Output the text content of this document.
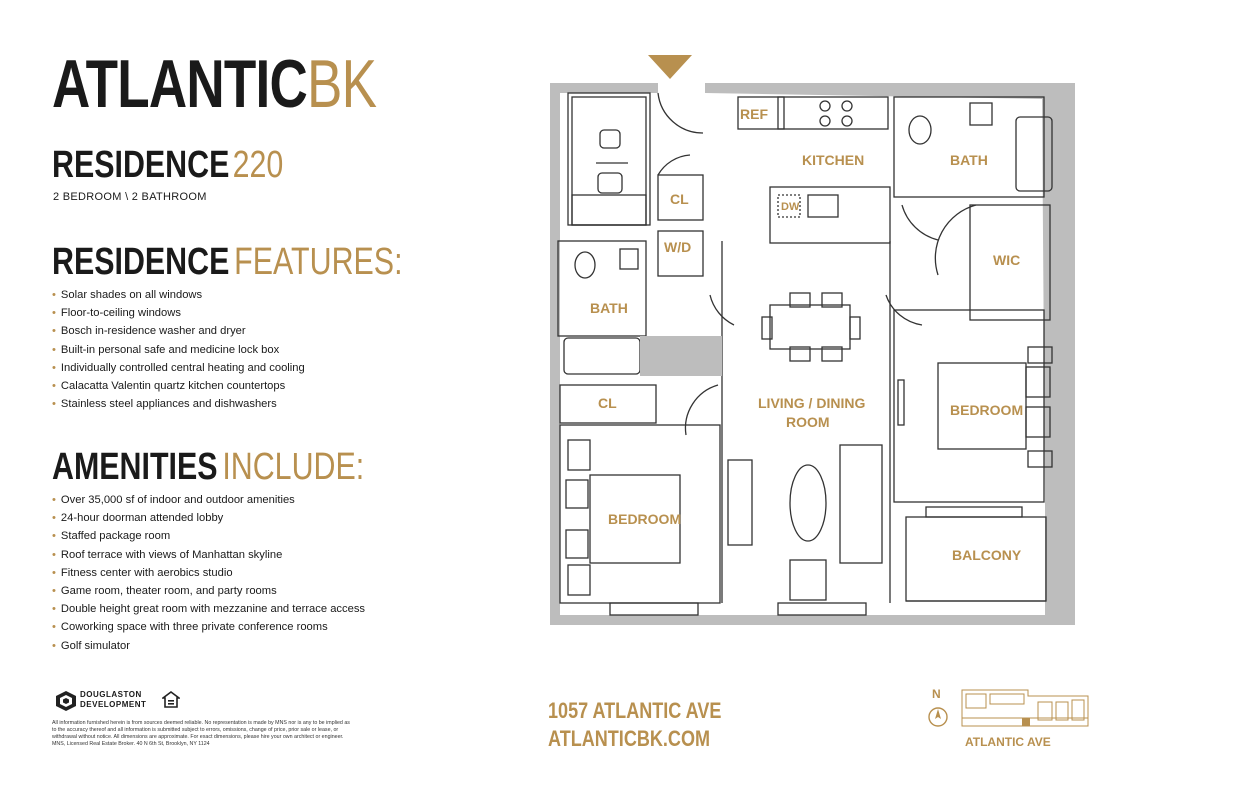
ATLANTICBK
RESIDENCE220
2 BEDROOM \ 2 BATHROOM
RESIDENCE FEATURES:
• Solar shades on all windows
• Floor-to-ceiling windows
• Bosch in-residence washer and dryer
• Built-in personal safe and medicine lock box
• Individually controlled central heating and cooling
• Calacatta Valentin quartz kitchen countertops
• Stainless steel appliances and dishwashers
AMENITIES INCLUDE:
• Over 35,000 sf of indoor and outdoor amenities
• 24-hour doorman attended lobby
• Staffed package room
• Roof terrace with views of Manhattan skyline
• Fitness center with aerobics studio
• Game room, theater room, and party rooms
• Double height great room with mezzanine and terrace access
• Coworking space with three private conference rooms
• Golf simulator
DOUGLASTON
DEVELOPMENT
All information furnished herein is from sources deemed reliable. No representation is made by MNS nor is any to be implied as to the accuracy thereof and all information is submitted subject to errors, omissions, change of price, prior sale or lease, or withdrawal without notice. All dimensions are approximate. For exact dimensions, please hire your own architect or engineer. MNS, Licensed Real Estate Broker. 40 N 6th St, Brooklyn, NY 1124
1057 ATLANTIC AVE
ATLANTICBK.COM
REF
KITCHEN	BATH
CL	DW
W/D
WIC
BATH
LIVING / DINING
ROOM
BEDROOM
CL
BEDROOM
BALCONY
N
ATLANTIC AVE
